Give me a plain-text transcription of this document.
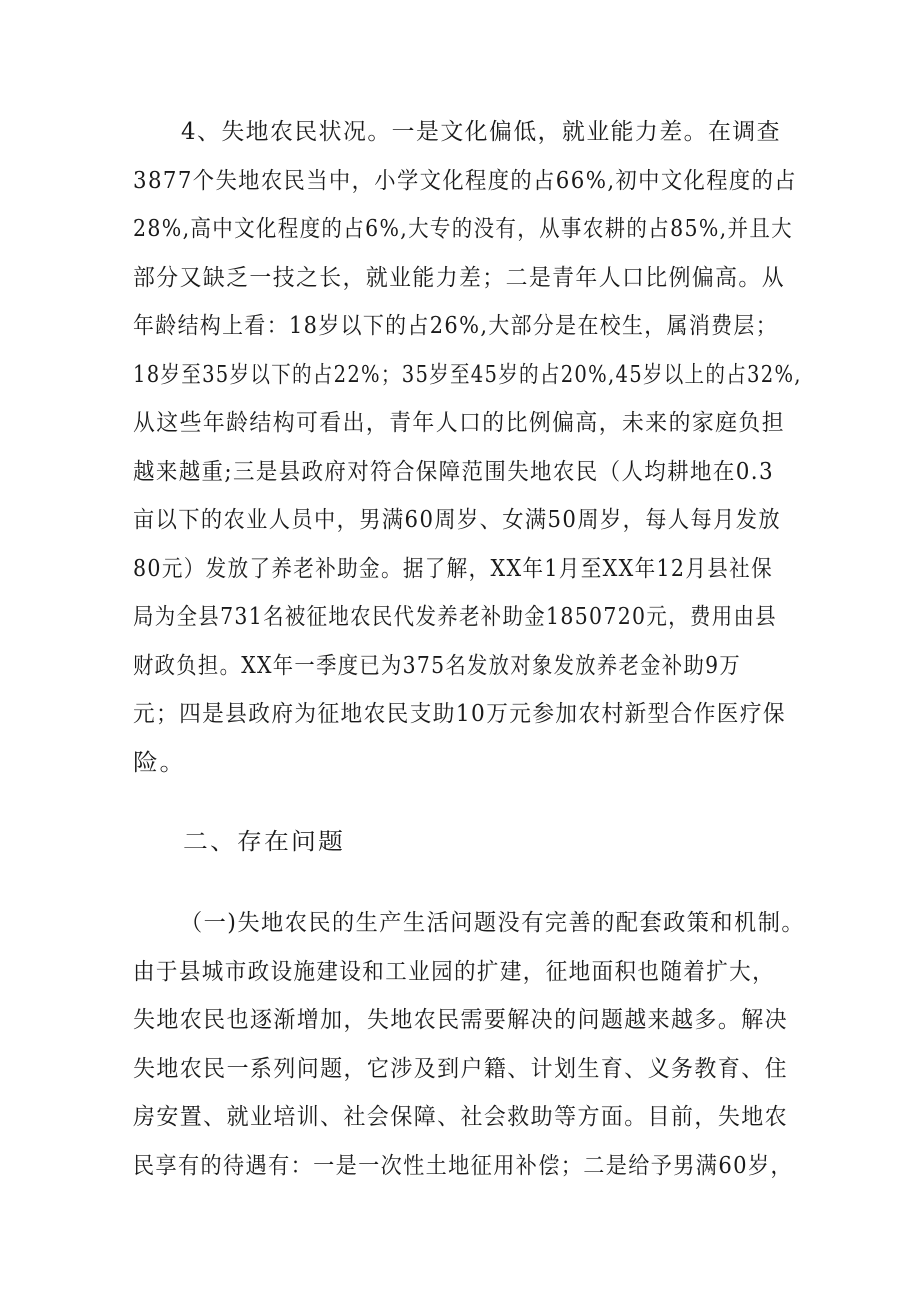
4、失地农民状况。一是文化偏低，就业能力差。在调查
3877个失地农民当中，小学文化程度的占66%,初中文化程度的占
28%,高中文化程度的占6%,大专的没有，从事农耕的占85%,并且大
部分又缺乏一技之长，就业能力差；二是青年人口比例偏高。从
年龄结构上看：18岁以下的占26%,大部分是在校生，属消费层；
18岁至35岁以下的占22%；35岁至45岁的占20%,45岁以上的占32%,
从这些年龄结构可看出，青年人口的比例偏高，未来的家庭负担
越来越重;三是县政府对符合保障范围失地农民（人均耕地在0.3
亩以下的农业人员中，男满60周岁、女满50周岁，每人每月发放
80元）发放了养老补助金。据了解，XX年1月至XX年12月县社保
局为全县731名被征地农民代发养老补助金1850720元，费用由县
财政负担。XX年一季度已为375名发放对象发放养老金补助9万
元；四是县政府为征地农民支助10万元参加农村新型合作医疗保
险。
二、存在问题
（一)失地农民的生产生活问题没有完善的配套政策和机制。
由于县城市政设施建设和工业园的扩建，征地面积也随着扩大，
失地农民也逐渐增加，失地农民需要解决的问题越来越多。解决
失地农民一系列问题，它涉及到户籍、计划生育、义务教育、住
房安置、就业培训、社会保障、社会救助等方面。目前，失地农
民享有的待遇有：一是一次性土地征用补偿；二是给予男满60岁，
